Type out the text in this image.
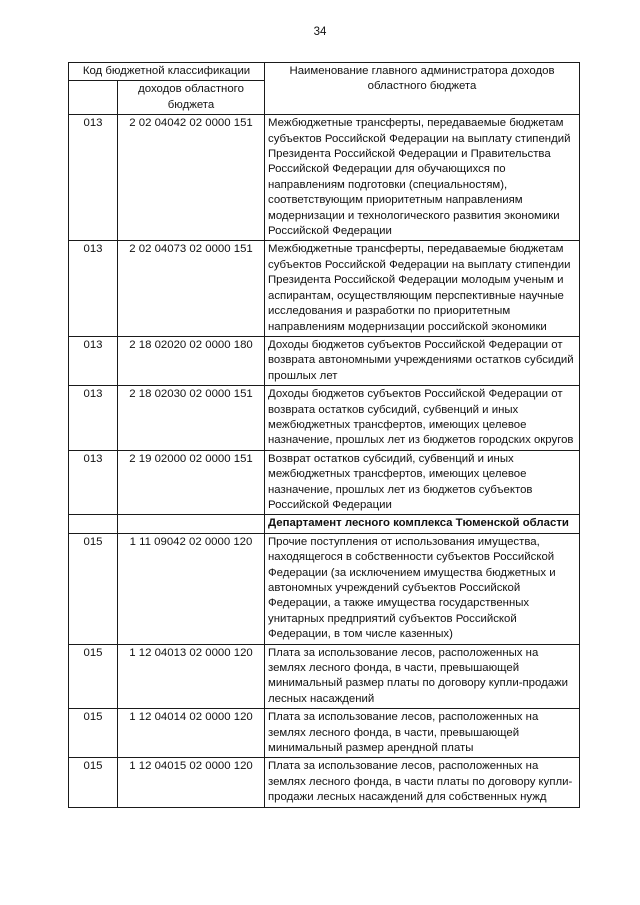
34
Код бюджетной классификации		Наименование главного администратора доходов областного бюджета
	доходов областного бюджета	
013	2 02 04042 02 0000 151	Межбюджетные трансферты, передаваемые бюджетам субъектов Российской Федерации на выплату стипендий Президента Российской Федерации и Правительства Российской Федерации для обучающихся по направлениям подготовки (специальностям), соответствующим приоритетным направлениям модернизации и технологического развития экономики Российской Федерации
013	2 02 04073 02 0000 151	Межбюджетные трансферты, передаваемые бюджетам субъектов Российской Федерации на выплату стипендии Президента Российской Федерации молодым ученым и аспирантам, осуществляющим перспективные научные исследования и разработки по приоритетным направлениям модернизации российской экономики
013	2 18 02020 02 0000 180	Доходы бюджетов субъектов Российской Федерации от возврата автономными учреждениями остатков субсидий прошлых лет
013	2 18 02030 02 0000 151	Доходы бюджетов субъектов Российской Федерации от возврата остатков субсидий, субвенций и иных межбюджетных трансфертов, имеющих целевое назначение, прошлых лет из бюджетов городских округов
013	2 19 02000 02 0000 151	Возврат остатков субсидий, субвенций и иных межбюджетных трансфертов, имеющих целевое назначение, прошлых лет из бюджетов субъектов Российской Федерации
		Департамент лесного комплекса Тюменской области
015	1 11 09042 02 0000 120	Прочие поступления от использования имущества, находящегося в собственности субъектов Российской Федерации (за исключением имущества бюджетных и автономных учреждений субъектов Российской Федерации, а также имущества государственных унитарных предприятий субъектов Российской Федерации, в том числе казенных)
015	1 12 04013 02 0000 120	Плата за использование лесов, расположенных на землях лесного фонда, в части, превышающей минимальный размер платы по договору купли-продажи лесных насаждений
015	1 12 04014 02 0000 120	Плата за использование лесов, расположенных на землях лесного фонда, в части, превышающей минимальный размер арендной платы
015	1 12 04015 02 0000 120	Плата за использование лесов, расположенных на землях лесного фонда, в части платы по договору купли-продажи лесных насаждений для собственных нужд
